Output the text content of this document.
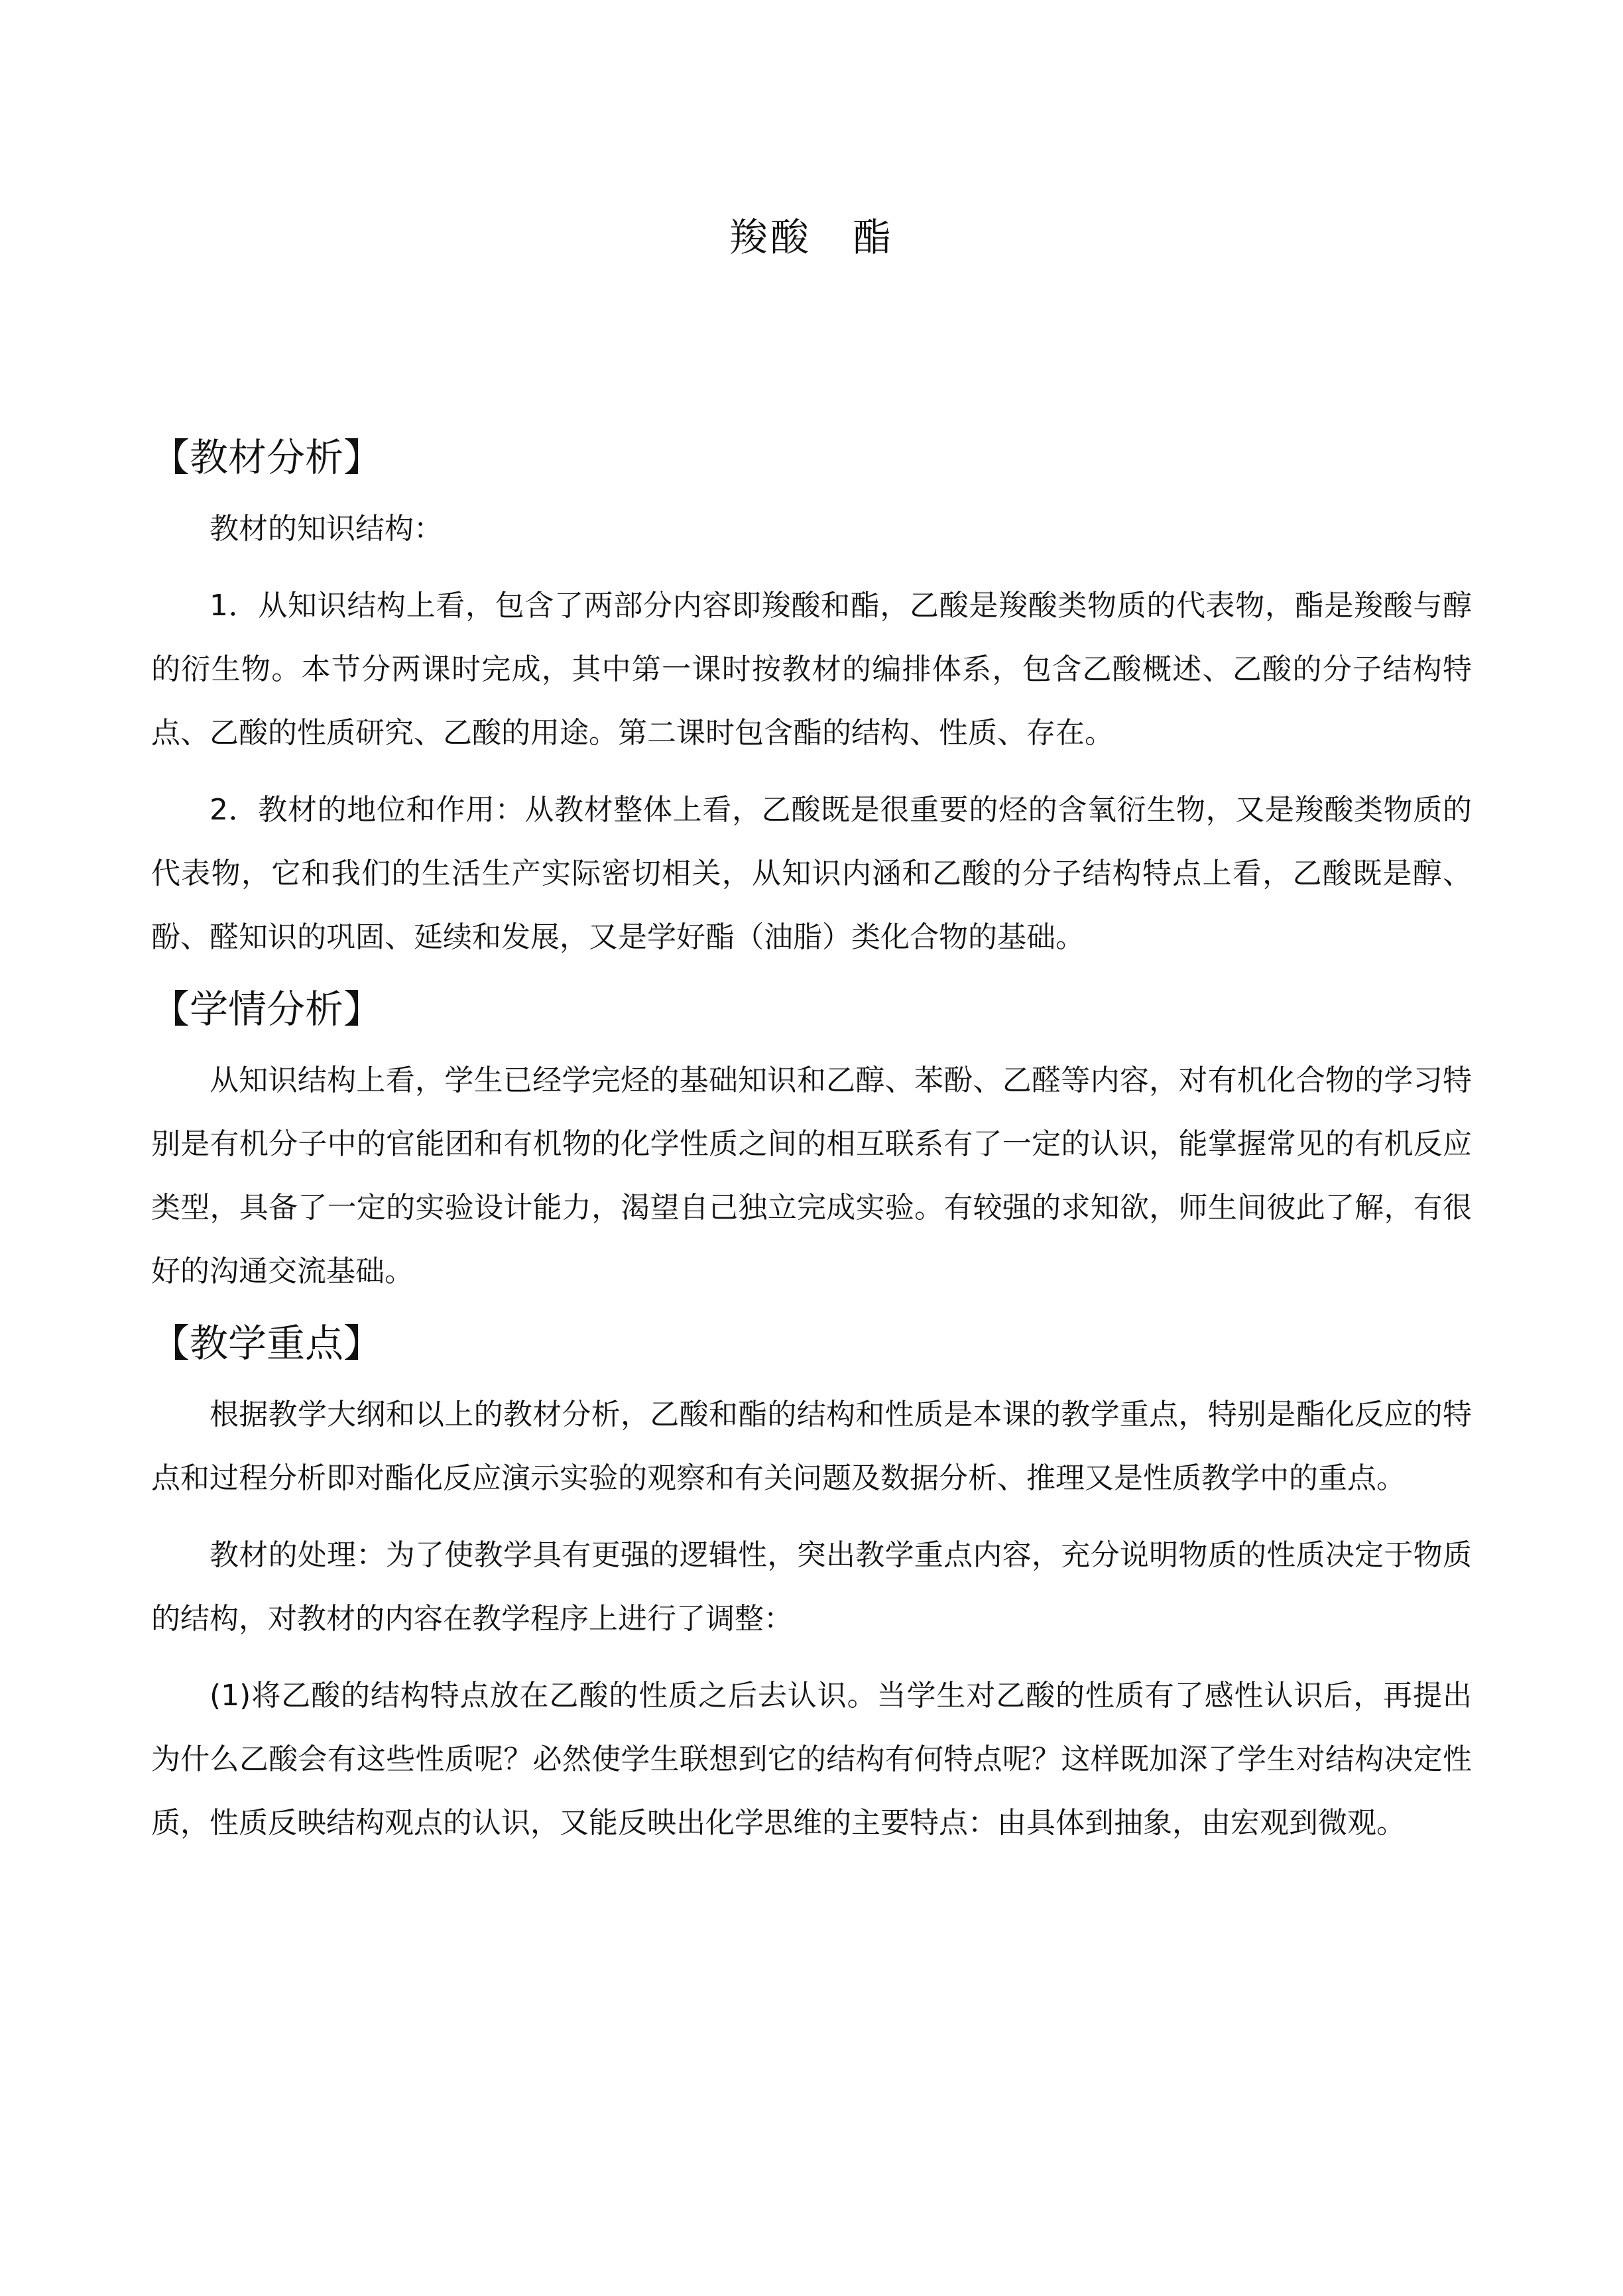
羧酸　酯
【教材分析】

教材的知识结构：

1．从知识结构上看，包含了两部分内容即羧酸和酯，乙酸是羧酸类物质的代表物，酯是羧酸与醇的衍生物。本节分两课时完成，其中第一课时按教材的编排体系，包含乙酸概述、乙酸的分子结构特点、乙酸的性质研究、乙酸的用途。第二课时包含酯的结构、性质、存在。

2．教材的地位和作用：从教材整体上看，乙酸既是很重要的烃的含氧衍生物，又是羧酸类物质的代表物，它和我们的生活生产实际密切相关，从知识内涵和乙酸的分子结构特点上看，乙酸既是醇、酚、醛知识的巩固、延续和发展，又是学好酯（油脂）类化合物的基础。

【学情分析】

从知识结构上看，学生已经学完烃的基础知识和乙醇、苯酚、乙醛等内容，对有机化合物的学习特别是有机分子中的官能团和有机物的化学性质之间的相互联系有了一定的认识，能掌握常见的有机反应类型，具备了一定的实验设计能力，渴望自己独立完成实验。有较强的求知欲，师生间彼此了解，有很好的沟通交流基础。

【教学重点】

根据教学大纲和以上的教材分析，乙酸和酯的结构和性质是本课的教学重点，特别是酯化反应的特点和过程分析即对酯化反应演示实验的观察和有关问题及数据分析、推理又是性质教学中的重点。

教材的处理：为了使教学具有更强的逻辑性，突出教学重点内容，充分说明物质的性质决定于物质的结构，对教材的内容在教学程序上进行了调整：

(1)将乙酸的结构特点放在乙酸的性质之后去认识。当学生对乙酸的性质有了感性认识后，再提出为什么乙酸会有这些性质呢？必然使学生联想到它的结构有何特点呢？这样既加深了学生对结构决定性质，性质反映结构观点的认识，又能反映出化学思维的主要特点：由具体到抽象，由宏观到微观。
